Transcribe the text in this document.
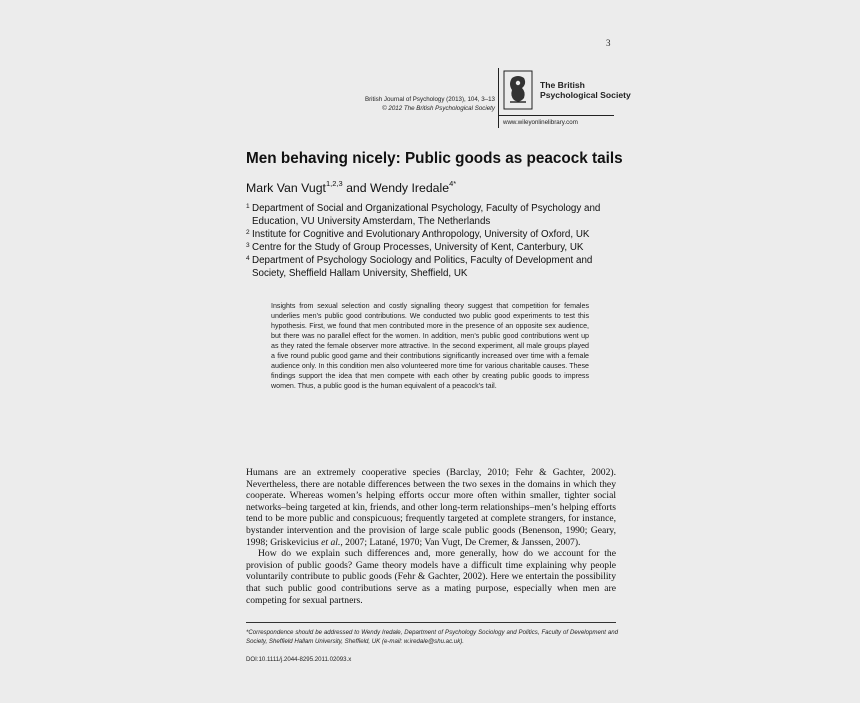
3
British Journal of Psychology (2013), 104, 3–13
© 2012 The British Psychological Society
The British
Psychological Society
www.wileyonlinelibrary.com
Men behaving nicely: Public goods as peacock tails
Mark Van Vugt$^{1,2,3}$ and Wendy Iredale$^{4*}$
1 Department of Social and Organizational Psychology, Faculty of Psychology and Education, VU University Amsterdam, The Netherlands
2 Institute for Cognitive and Evolutionary Anthropology, University of Oxford, UK
3 Centre for the Study of Group Processes, University of Kent, Canterbury, UK
4 Department of Psychology Sociology and Politics, Faculty of Development and Society, Sheffield Hallam University, Sheffield, UK
Insights from sexual selection and costly signalling theory suggest that competition for females underlies men’s public good contributions. We conducted two public good experiments to test this hypothesis. First, we found that men contributed more in the presence of an opposite sex audience, but there was no parallel effect for the women. In addition, men’s public good contributions went up as they rated the female observer more attractive. In the second experiment, all male groups played a five round public good game and their contributions significantly increased over time with a female audience only. In this condition men also volunteered more time for various charitable causes. These findings support the idea that men compete with each other by creating public goods to impress women. Thus, a public good is the human equivalent of a peacock’s tail.

Humans are an extremely cooperative species (Barclay, 2010; Fehr & Gachter, 2002). Nevertheless, there are notable differences between the two sexes in the domains in which they cooperate. Whereas women’s helping efforts occur more often within smaller, tighter social networks–being targeted at kin, friends, and other long-term relationships–men’s helping efforts tend to be more public and conspicuous; frequently targeted at complete strangers, for instance, bystander intervention and the provision of large scale public goods (Benenson, 1990; Geary, 1998; Griskevicius et al., 2007; Latané, 1970; Van Vugt, De Cremer, & Janssen, 2007).

How do we explain such differences and, more generally, how do we account for the provision of public goods? Game theory models have a difficult time explaining why people voluntarily contribute to public goods (Fehr & Gachter, 2002). Here we entertain the possibility that such public good contributions serve as a mating purpose, especially when men are competing for sexual partners.

*Correspondence should be addressed to Wendy Iredale, Department of Psychology Sociology and Politics, Faculty of Development and Society, Sheffield Hallam University, Sheffield, UK (e-mail: w.iredale@shu.ac.uk).
DOI:10.1111/j.2044-8295.2011.02093.x
